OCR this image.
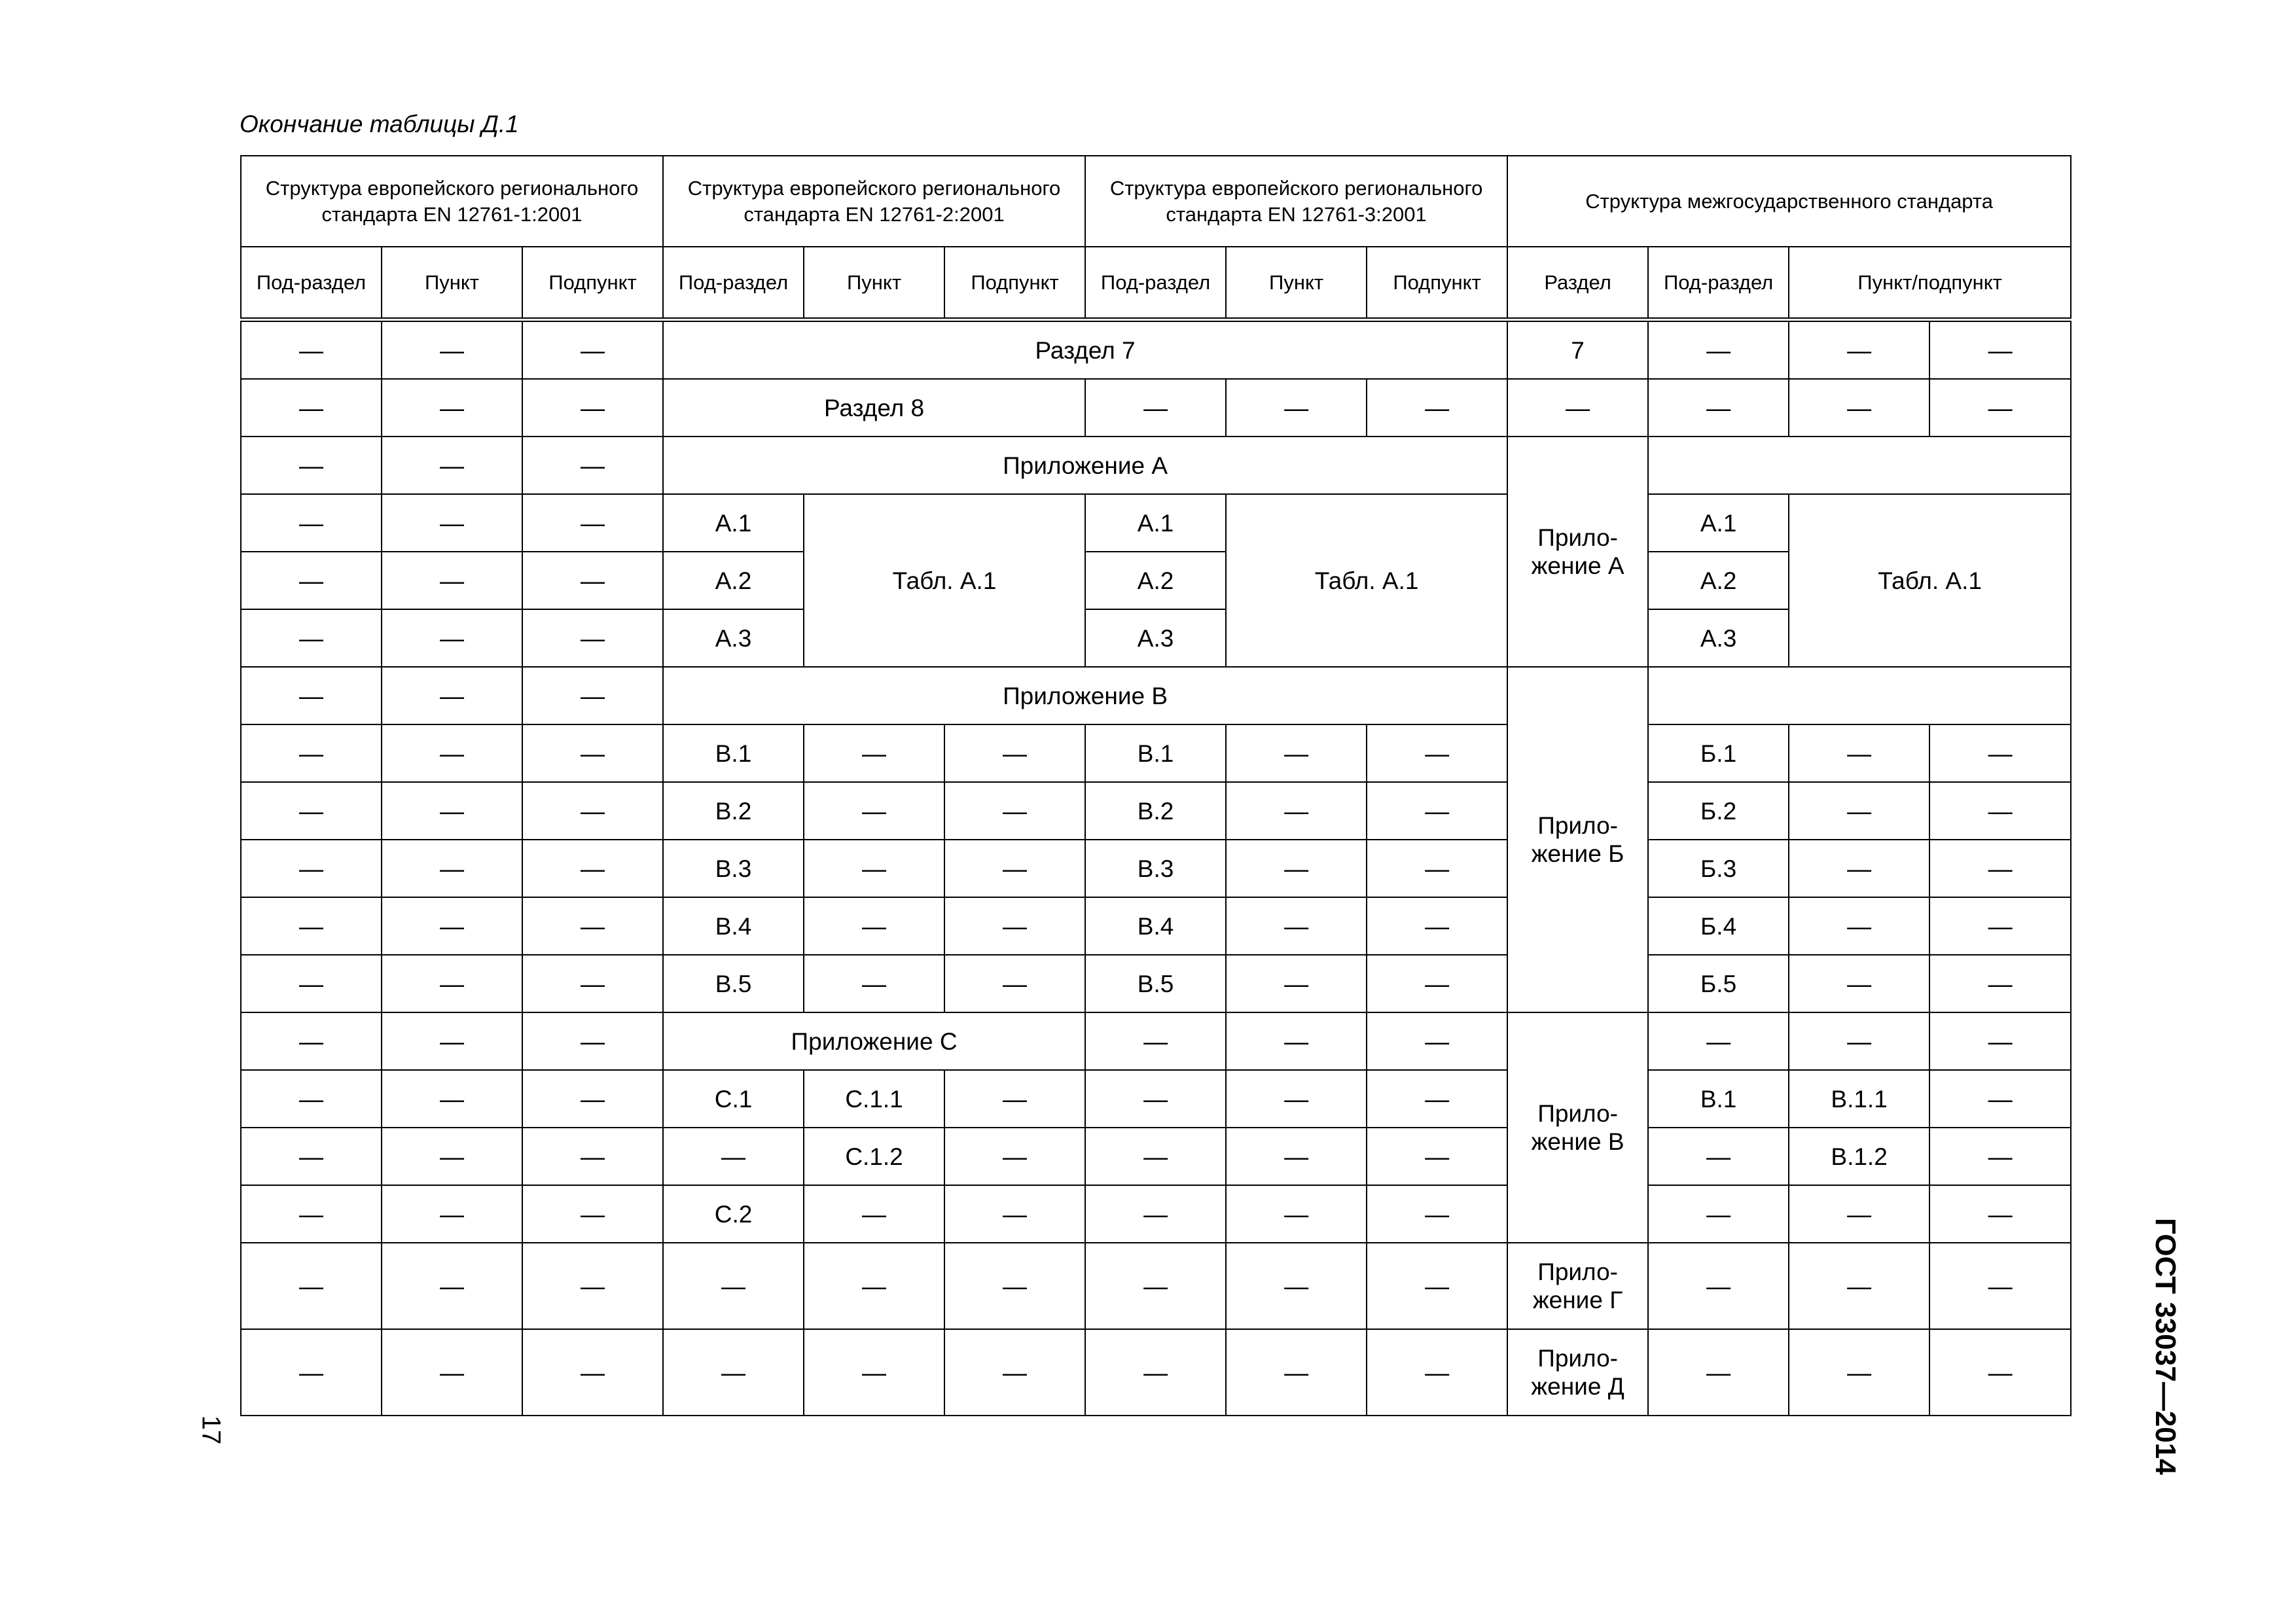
Окончание таблицы Д.1
Структура европейского регионального стандарта EN 12761-1:2001			Структура европейского регионального стандарта EN 12761-2:2001			Структура европейского регионального стандарта EN 12761-3:2001			Структура межгосударственного стандарта			
Под-раздел	Пункт	Подпункт	Под-раздел	Пункт	Подпункт	Под-раздел	Пункт	Подпункт	Раздел	Под-раздел	Пункт/подпункт	
—	—	—	Раздел 7						7	—	—	—
—	—	—	Раздел 8			—	—	—	—	—	—	—
—	—	—	Приложение A						Прило-жение А			
—	—	—	A.1	Табл. A.1		A.1	Табл. A.1			А.1	Табл. А.1	
—	—	—	A.2			A.2				А.2		
—	—	—	A.3			A.3				А.3		
—	—	—	Приложение B						Прило-жение Б			
—	—	—	B.1	—	—	B.1	—	—		Б.1	—	—
—	—	—	B.2	—	—	B.2	—	—		Б.2	—	—
—	—	—	B.3	—	—	B.3	—	—		Б.3	—	—
—	—	—	B.4	—	—	B.4	—	—		Б.4	—	—
—	—	—	B.5	—	—	B.5	—	—		Б.5	—	—
—	—	—	Приложение C			—	—	—	Прило-жение В	—	—	—
—	—	—	C.1	C.1.1	—	—	—	—		В.1	В.1.1	—
—	—	—	—	C.1.2	—	—	—	—		—	В.1.2	—
—	—	—	C.2	—	—	—	—	—		—	—	—
—	—	—	—	—	—	—	—	—	Прило-жение Г	—	—	—
—	—	—	—	—	—	—	—	—	Прило-жение Д	—	—	—
17	ГОСТ 33037—2014
